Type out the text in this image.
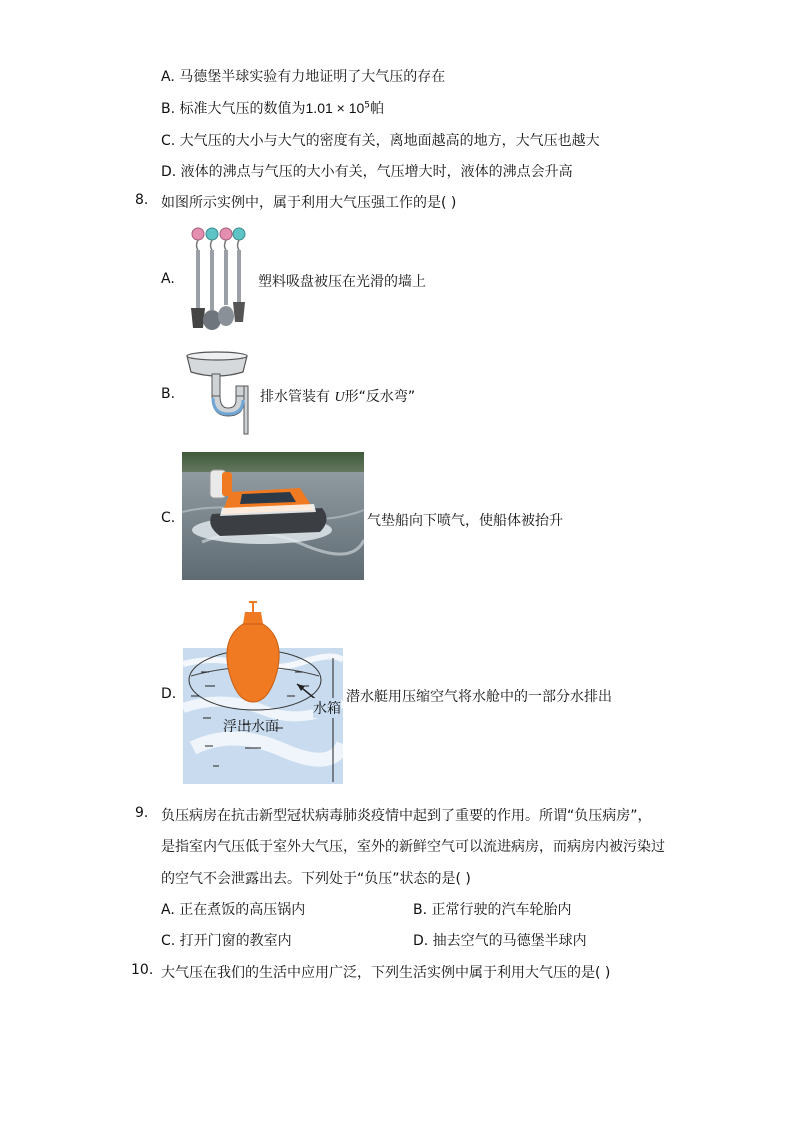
A. 马德堡半球实验有力地证明了大气压的存在
B. 标准大气压的数值为$1.01 \times 10^5$帕
C. 大气压的大小与大气的密度有关，离地面越高的地方，大气压也越大
D. 液体的沸点与气压的大小有关，气压增大时，液体的沸点会升高
8. 如图所示实例中，属于利用大气压强工作的是( )
A.	塑料吸盘被压在光滑的墙上
B.	排水管装有 U形“反水弯”
C.	气垫船向下喷气，使船体被抬升
D.
水箱
浮出水面
潜水艇用压缩空气将水舱中的一部分水排出
9. 负压病房在抗击新型冠状病毒肺炎疫情中起到了重要的作用。所谓“负压病房”，
是指室内气压低于室外大气压，室外的新鲜空气可以流进病房，而病房内被污染过
的空气不会泄露出去。下列处于“负压”状态的是( )
A. 正在煮饭的高压锅内	B. 正常行驶的汽车轮胎内
C. 打开门窗的教室内	D. 抽去空气的马德堡半球内
10. 大气压在我们的生活中应用广泛，下列生活实例中属于利用大气压的是( )
